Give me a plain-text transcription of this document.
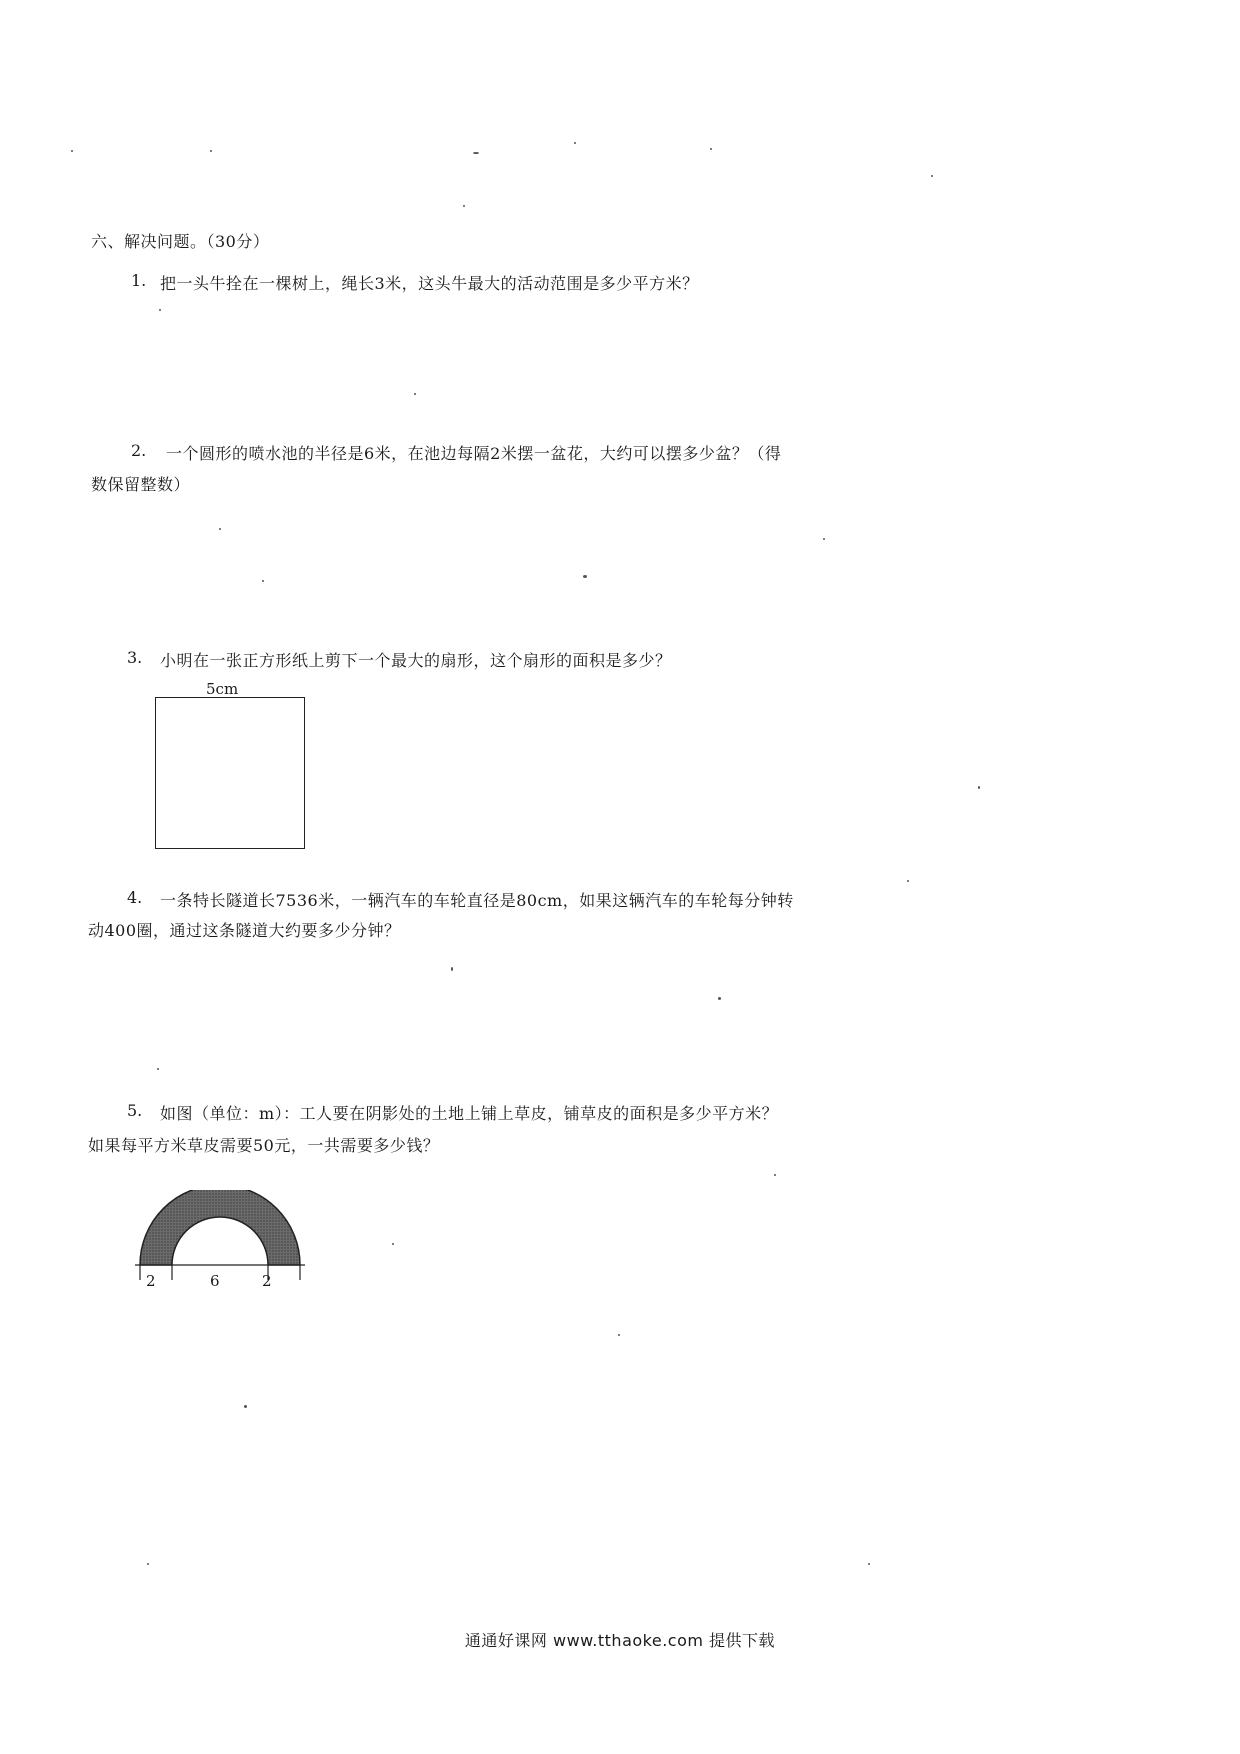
六、解决问题。（30分）
1. 把一头牛拴在一棵树上，绳长3米，这头牛最大的活动范围是多少平方米？
2. 一个圆形的喷水池的半径是6米，在池边每隔2米摆一盆花，大约可以摆多少盆？（得
数保留整数）
3. 小明在一张正方形纸上剪下一个最大的扇形，这个扇形的面积是多少？
5cm
4. 一条特长隧道长7536米，一辆汽车的车轮直径是80cm，如果这辆汽车的车轮每分钟转
动400圈，通过这条隧道大约要多少分钟？
5. 如图（单位：m）：工人要在阴影处的土地上铺上草皮，铺草皮的面积是多少平方米？
如果每平方米草皮需要50元，一共需要多少钱？
2	6	2
通通好课网 www.tthaoke.com 提供下载
